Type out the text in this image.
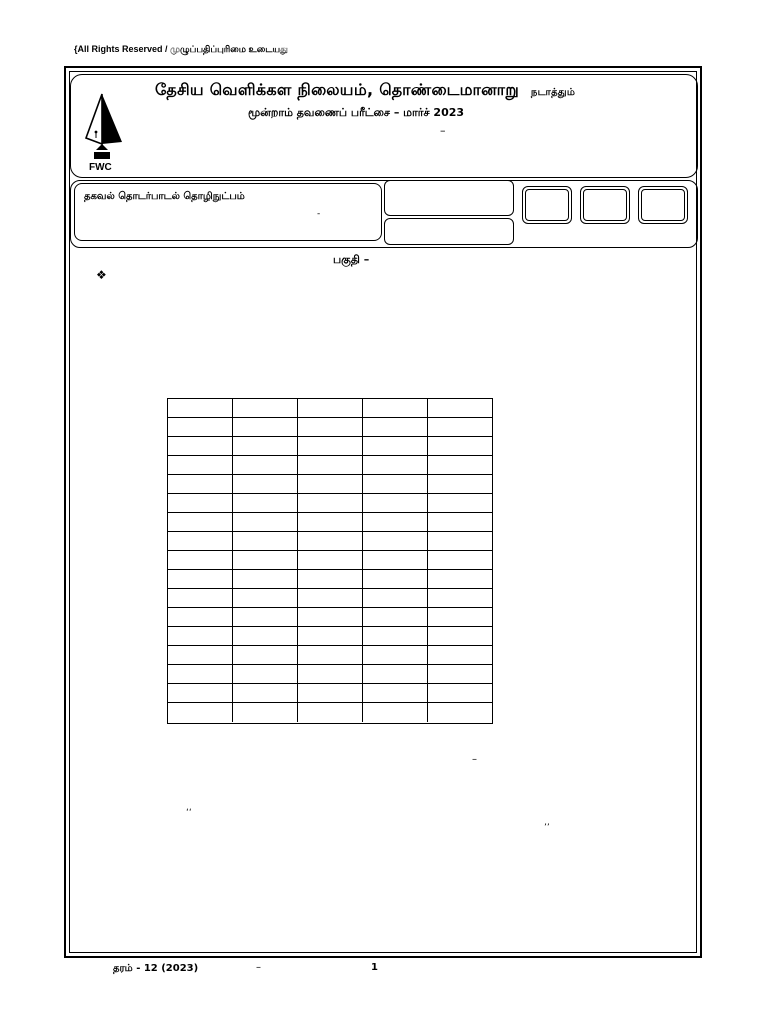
{All Rights Reserved / முழுப்பதிப்புரிமை உடையது
FWC
தேசிய வெளிக்கள நிலையம், தொண்டைமானாறு நடாத்தும்
மூன்றாம் தவணைப் பரீட்சை – மார்ச் 2023
–
தகவல் தொடர்பாடல் தொழிநுட்பம்
-
பகுதி –
❖
–
‘‘
’’
தரம் - 12 (2023)	–	1
